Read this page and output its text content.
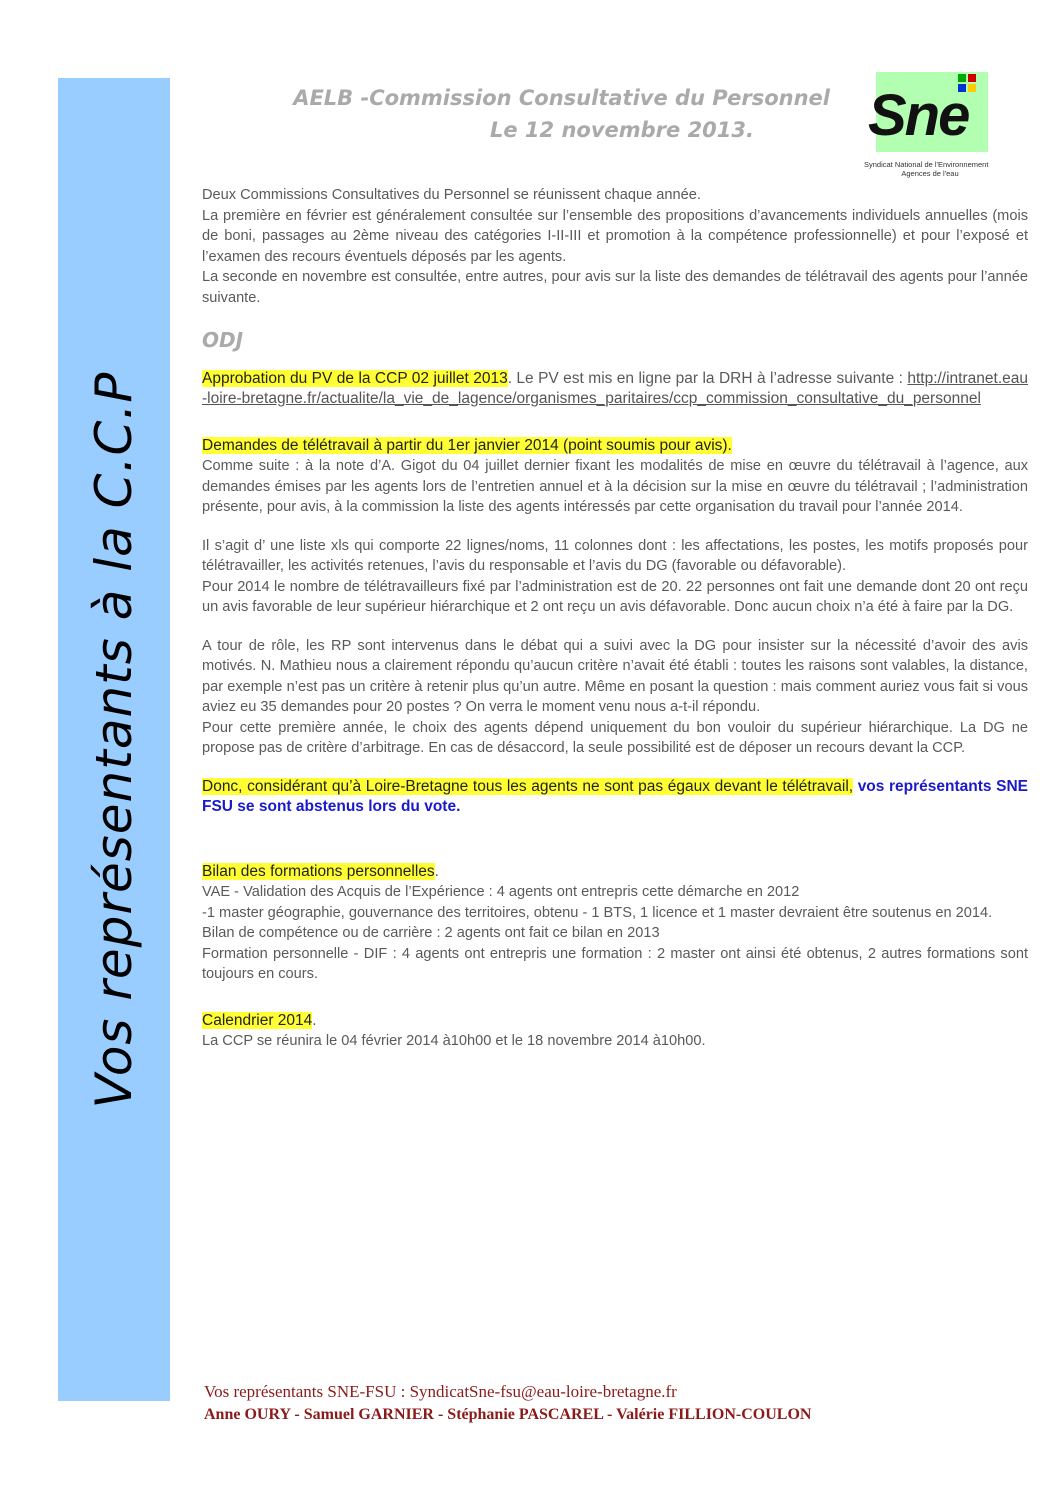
Vos représentants à la C.C.P
AELB -Commission Consultative du Personnel
Le 12 novembre 2013.	Sne
Syndicat National de l'Environnement
Agences de l'eau

Deux Commissions Consultatives du Personnel se réunissent chaque année.

La première en février est généralement consultée sur l’ensemble des propositions d’avancements individuels annuelles (mois de boni, passages au 2ème niveau des catégories I-II-III et promotion à la compétence professionnelle) et pour l’exposé et l’examen des recours éventuels déposés par les agents.

La seconde en novembre est consultée, entre autres, pour avis sur la liste des demandes de télétravail des agents pour l’année suivante.

ODJ

Approbation du PV de la CCP 02 juillet 2013. Le PV est mis en ligne par la DRH à l’adresse suivante : http://intranet.eau-loire-bretagne.fr/actualite/la_vie_de_lagence/organismes_paritaires/ccp_commission_consultative_du_personnel

Demandes de télétravail à partir du 1er janvier 2014 (point soumis pour avis).

Comme suite : à la note d’A. Gigot du 04 juillet dernier fixant les modalités de mise en œuvre du télétravail à l’agence, aux demandes émises par les agents lors de l’entretien annuel et à la décision sur la mise en œuvre du télétravail ; l’administration présente, pour avis, à la commission la liste des agents intéressés par cette organisation du travail pour l’année 2014.

Il s’agit d’ une liste xls qui comporte 22 lignes/noms, 11 colonnes dont : les affectations, les postes, les motifs proposés pour télétravailler, les activités retenues, l’avis du responsable et l’avis du DG (favorable ou défavorable).

Pour 2014 le nombre de télétravailleurs fixé par l’administration est de 20. 22 personnes ont fait une demande dont 20 ont reçu un avis favorable de leur supérieur hiérarchique et 2 ont reçu un avis défavorable. Donc aucun choix n’a été à faire par la DG.

A tour de rôle, les RP sont intervenus dans le débat qui a suivi avec la DG pour insister sur la nécessité d’avoir des avis motivés. N. Mathieu nous a clairement répondu qu’aucun critère n’avait été établi : toutes les raisons sont valables, la distance, par exemple n’est pas un critère à retenir plus qu’un autre. Même en posant la question : mais comment auriez vous fait si vous aviez eu 35 demandes pour 20 postes ? On verra le moment venu nous a-t-il répondu.

Pour cette première année, le choix des agents dépend uniquement du bon vouloir du supérieur hiérarchique. La DG ne propose pas de critère d’arbitrage. En cas de désaccord, la seule possibilité est de déposer un recours devant la CCP.

Donc, considérant qu’à Loire-Bretagne tous les agents ne sont pas égaux devant le télétravail, vos représentants SNE FSU se sont abstenus lors du vote.

Bilan des formations personnelles.

VAE - Validation des Acquis de l’Expérience : 4 agents ont entrepris cette démarche en 2012

-1 master géographie, gouvernance des territoires, obtenu - 1 BTS, 1 licence et 1 master devraient être soutenus en 2014.

Bilan de compétence ou de carrière : 2 agents ont fait ce bilan en 2013

Formation personnelle - DIF : 4 agents ont entrepris une formation : 2 master ont ainsi été obtenus, 2 autres formations sont toujours en cours.

Calendrier 2014.

La CCP se réunira le 04 février 2014 à10h00 et le 18 novembre 2014 à10h00.

Vos représentants SNE-FSU : SyndicatSne-fsu@eau-loire-bretagne.fr
Anne OURY - Samuel GARNIER - Stéphanie PASCAREL - Valérie FILLION-COULON
